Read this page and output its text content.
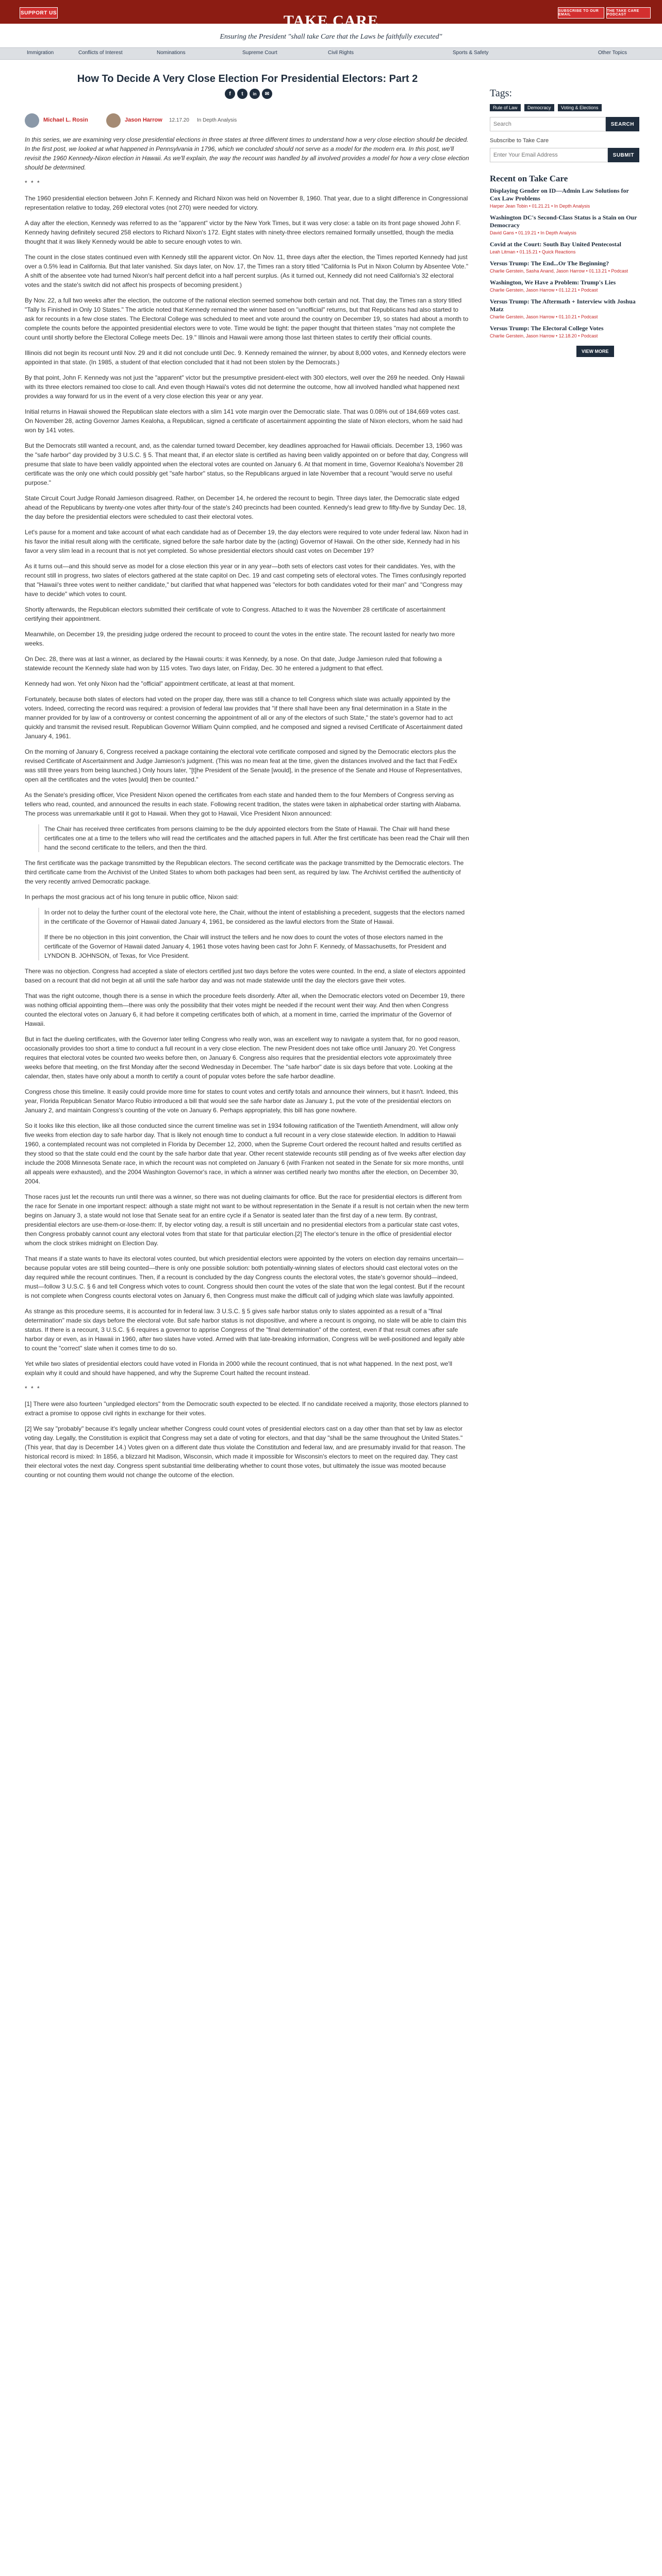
SUPPORT US	SUBSCRIBE TO OUR EMAIL
THE TAKE CARE PODCAST
TAKE CARE
Ensuring the President "shall take Care that the Laws be faithfully executed"
Immigration	Conflicts of Interest	Nominations	Supreme Court	Civil Rights	Sports & Safety	Other Topics
How To Decide A Very Close Election For Presidential Electors: Part 2
f	t	in	✉
Michael L. Rosin	Jason Harrow 12.17.20 In Depth Analysis

In this series, we are examining very close presidential elections in three states at three different times to understand how a very close election should be decided. In the first post, we looked at what happened in Pennsylvania in 1796, which we concluded should not serve as a model for the modern era. In this post, we'll revisit the 1960 Kennedy-Nixon election in Hawaii. As we'll explain, the way the recount was handled by all involved provides a model for how a very close election should be determined.

* * *

The 1960 presidential election between John F. Kennedy and Richard Nixon was held on November 8, 1960. That year, due to a slight difference in Congressional representation relative to today, 269 electoral votes (not 270) were needed for victory.

A day after the election, Kennedy was referred to as the "apparent" victor by the New York Times, but it was very close: a table on its front page showed John F. Kennedy having definitely secured 258 electors to Richard Nixon's 172. Eight states with ninety-three electors remained formally unsettled, though the media thought that it was likely Kennedy would be able to secure enough votes to win.

The count in the close states continued even with Kennedy still the apparent victor. On Nov. 11, three days after the election, the Times reported Kennedy had just over a 0.5% lead in California. But that later vanished. Six days later, on Nov. 17, the Times ran a story titled "California Is Put in Nixon Column by Absentee Vote." A shift of the absentee vote had turned Nixon's half percent deficit into a half percent surplus. (As it turned out, Kennedy did not need California's 32 electoral votes and the state's switch did not affect his prospects of becoming president.)

By Nov. 22, a full two weeks after the election, the outcome of the national election seemed somehow both certain and not. That day, the Times ran a story titled "Tally Is Finished in Only 10 States." The article noted that Kennedy remained the winner based on "unofficial" returns, but that Republicans had also started to ask for recounts in a few close states. The Electoral College was scheduled to meet and vote around the country on December 19, so states had about a month to complete the counts before the appointed presidential electors were to vote. Time would be tight: the paper thought that thirteen states "may not complete the count until shortly before the Electoral College meets Dec. 19." Illinois and Hawaii were among those last thirteen states to certify their official counts.

Illinois did not begin its recount until Nov. 29 and it did not conclude until Dec. 9. Kennedy remained the winner, by about 8,000 votes, and Kennedy electors were appointed in that state. (In 1985, a student of that election concluded that it had not been stolen by the Democrats.)

By that point, John F. Kennedy was not just the "apparent" victor but the presumptive president-elect with 300 electors, well over the 269 he needed. Only Hawaii with its three electors remained too close to call. And even though Hawaii's votes did not determine the outcome, how all involved handled what happened next provides a way forward for us in the event of a very close election this year or any year.

Initial returns in Hawaii showed the Republican slate electors with a slim 141 vote margin over the Democratic slate. That was 0.08% out of 184,669 votes cast. On November 28, acting Governor James Kealoha, a Republican, signed a certificate of ascertainment appointing the slate of Nixon electors, whom he said had won by 141 votes.

But the Democrats still wanted a recount, and, as the calendar turned toward December, key deadlines approached for Hawaii officials. December 13, 1960 was the "safe harbor" day provided by 3 U.S.C. § 5. That meant that, if an elector slate is certified as having been validly appointed on or before that day, Congress will presume that slate to have been validly appointed when the electoral votes are counted on January 6. At that moment in time, Governor Kealoha's November 28 certificate was the only one which could possibly get "safe harbor" status, so the Republicans argued in late November that a recount "would serve no useful purpose."

State Circuit Court Judge Ronald Jamieson disagreed. Rather, on December 14, he ordered the recount to begin. Three days later, the Democratic slate edged ahead of the Republicans by twenty-one votes after thirty-four of the state's 240 precincts had been counted. Kennedy's lead grew to fifty-five by Sunday Dec. 18, the day before the presidential electors were scheduled to cast their electoral votes.

Let's pause for a moment and take account of what each candidate had as of December 19, the day electors were required to vote under federal law. Nixon had in his favor the initial result along with the certificate, signed before the safe harbor date by the (acting) Governor of Hawaii. On the other side, Kennedy had in his favor a very slim lead in a recount that is not yet completed. So whose presidential electors should cast votes on December 19?

As it turns out—and this should serve as model for a close election this year or in any year—both sets of electors cast votes for their candidates. Yes, with the recount still in progress, two slates of electors gathered at the state capitol on Dec. 19 and cast competing sets of electoral votes. The Times confusingly reported that "Hawaii's three votes went to neither candidate," but clarified that what happened was "electors for both candidates voted for their man" and "Congress may have to decide" which votes to count.

Shortly afterwards, the Republican electors submitted their certificate of vote to Congress. Attached to it was the November 28 certificate of ascertainment certifying their appointment.

Meanwhile, on December 19, the presiding judge ordered the recount to proceed to count the votes in the entire state. The recount lasted for nearly two more weeks.

On Dec. 28, there was at last a winner, as declared by the Hawaii courts: it was Kennedy, by a nose. On that date, Judge Jamieson ruled that following a statewide recount the Kennedy slate had won by 115 votes. Two days later, on Friday, Dec. 30 he entered a judgment to that effect.

Kennedy had won. Yet only Nixon had the "official" appointment certificate, at least at that moment.

Fortunately, because both slates of electors had voted on the proper day, there was still a chance to tell Congress which slate was actually appointed by the voters. Indeed, correcting the record was required: a provision of federal law provides that "if there shall have been any final determination in a State in the manner provided for by law of a controversy or contest concerning the appointment of all or any of the electors of such State," the state's governor had to act quickly and transmit the revised result. Republican Governor William Quinn complied, and he composed and signed a revised Certificate of Ascertainment dated January 4, 1961.

On the morning of January 6, Congress received a package containing the electoral vote certificate composed and signed by the Democratic electors plus the revised Certificate of Ascertainment and Judge Jamieson's judgment. (This was no mean feat at the time, given the distances involved and the fact that FedEx was still three years from being launched.) Only hours later, "[t]he President of the Senate [would], in the presence of the Senate and House of Representatives, open all the certificates and the votes [would] then be counted."

As the Senate's presiding officer, Vice President Nixon opened the certificates from each state and handed them to the four Members of Congress serving as tellers who read, counted, and announced the results in each state. Following recent tradition, the states were taken in alphabetical order starting with Alabama. The process was unremarkable until it got to Hawaii. When they got to Hawaii, Vice President Nixon announced:

The Chair has received three certificates from persons claiming to be the duly appointed electors from the State of Hawaii. The Chair will hand these certificates one at a time to the tellers who will read the certificates and the attached papers in full. After the first certificate has been read the Chair will then hand the second certificate to the tellers, and then the third.

The first certificate was the package transmitted by the Republican electors. The second certificate was the package transmitted by the Democratic electors. The third certificate came from the Archivist of the United States to whom both packages had been sent, as required by law. The Archivist certified the authenticity of the very recently arrived Democratic package.

In perhaps the most gracious act of his long tenure in public office, Nixon said:

In order not to delay the further count of the electoral vote here, the Chair, without the intent of establishing a precedent, suggests that the electors named in the certificate of the Governor of Hawaii dated January 4, 1961, be considered as the lawful electors from the State of Hawaii.

If there be no objection in this joint convention, the Chair will instruct the tellers and he now does to count the votes of those electors named in the certificate of the Governor of Hawaii dated January 4, 1961 those votes having been cast for John F. Kennedy, of Massachusetts, for President and LYNDON B. JOHNSON, of Texas, for Vice President.

There was no objection. Congress had accepted a slate of electors certified just two days before the votes were counted. In the end, a slate of electors appointed based on a recount that did not begin at all until the safe harbor day and was not made statewide until the day the electors gave their votes.

That was the right outcome, though there is a sense in which the procedure feels disorderly. After all, when the Democratic electors voted on December 19, there was nothing official appointing them—there was only the possibility that their votes might be needed if the recount went their way. And then when Congress counted the electoral votes on January 6, it had before it competing certificates both of which, at a moment in time, carried the imprimatur of the Governor of Hawaii.

But in fact the dueling certificates, with the Governor later telling Congress who really won, was an excellent way to navigate a system that, for no good reason, occasionally provides too short a time to conduct a full recount in a very close election. The new President does not take office until January 20. Yet Congress requires that electoral votes be counted two weeks before then, on January 6. Congress also requires that the presidential electors vote approximately three weeks before that meeting, on the first Monday after the second Wednesday in December. The "safe harbor" date is six days before that vote. Looking at the calendar, then, states have only about a month to certify a count of popular votes before the safe harbor deadline.

Congress chose this timeline. It easily could provide more time for states to count votes and certify totals and announce their winners, but it hasn't. Indeed, this year, Florida Republican Senator Marco Rubio introduced a bill that would see the safe harbor date as January 1, put the vote of the presidential electors on January 2, and maintain Congress's counting of the vote on January 6. Perhaps appropriately, this bill has gone nowhere.

So it looks like this election, like all those conducted since the current timeline was set in 1934 following ratification of the Twentieth Amendment, will allow only five weeks from election day to safe harbor day. That is likely not enough time to conduct a full recount in a very close statewide election. In addition to Hawaii 1960, a contemplated recount was not completed in Florida by December 12, 2000, when the Supreme Court ordered the recount halted and results certified as they stood so that the state could end the count by the safe harbor date that year. Other recent statewide recounts still pending as of five weeks after election day include the 2008 Minnesota Senate race, in which the recount was not completed on January 6 (with Franken not seated in the Senate for six more months, until all appeals were exhausted), and the 2004 Washington Governor's race, in which a winner was certified nearly two months after the election, on December 30, 2004.

Those races just let the recounts run until there was a winner, so there was not dueling claimants for office. But the race for presidential electors is different from the race for Senate in one important respect: although a state might not want to be without representation in the Senate if a result is not certain when the new term begins on January 3, a state would not lose that Senate seat for an entire cycle if a Senator is seated later than the first day of a new term. By contrast, presidential electors are use-them-or-lose-them: If, by elector voting day, a result is still uncertain and no presidential electors from a particular state cast votes, then Congress probably cannot count any electoral votes from that state for that particular election.[2] The elector's tenure in the office of presidential elector whom the clock strikes midnight on Election Day.

That means if a state wants to have its electoral votes counted, but which presidential electors were appointed by the voters on election day remains uncertain—because popular votes are still being counted—there is only one possible solution: both potentially-winning slates of electors should cast electoral votes on the day required while the recount continues. Then, if a recount is concluded by the day Congress counts the electoral votes, the state's governor should—indeed, must—follow 3 U.S.C. § 6 and tell Congress which votes to count. Congress should then count the votes of the slate that won the legal contest. But if the recount is not complete when Congress counts electoral votes on January 6, then Congress must make the difficult call of judging which slate was lawfully appointed.

As strange as this procedure seems, it is accounted for in federal law. 3 U.S.C. § 5 gives safe harbor status only to slates appointed as a result of a "final determination" made six days before the electoral vote. But safe harbor status is not dispositive, and where a recount is ongoing, no slate will be able to claim this status. If there is a recount, 3 U.S.C. § 6 requires a governor to apprise Congress of the "final determination" of the contest, even if that result comes after safe harbor day or even, as in Hawaii in 1960, after two slates have voted. Armed with that late-breaking information, Congress will be well-positioned and legally able to count the "correct" slate when it comes time to do so.

Yet while two slates of presidential electors could have voted in Florida in 2000 while the recount continued, that is not what happened. In the next post, we'll explain why it could and should have happened, and why the Supreme Court halted the recount instead.

* * *

[1] There were also fourteen "unpledged electors" from the Democratic south expected to be elected. If no candidate received a majority, those electors planned to extract a promise to oppose civil rights in exchange for their votes.

[2] We say "probably" because it's legally unclear whether Congress could count votes of presidential electors cast on a day other than that set by law as elector voting day. Legally, the Constitution is explicit that Congress may set a date of voting for electors, and that day "shall be the same throughout the United States." (This year, that day is December 14.) Votes given on a different date thus violate the Constitution and federal law, and are presumably invalid for that reason. The historical record is mixed: In 1856, a blizzard hit Madison, Wisconsin, which made it impossible for Wisconsin's electors to meet on the required day. They cast their electoral votes the next day. Congress spent substantial time deliberating whether to count those votes, but ultimately the issue was mooted because counting or not counting them would not change the outcome of the election.

Tags:
Rule of Law Democracy Voting & Elections
Search
SEARCH
Subscribe to Take Care
Enter Your Email Address
SUBMIT
Recent on Take Care
Displaying Gender on ID—Admin Law Solutions for Cox Law Problems
Harper Jean Tobin • 01.21.21 • In Depth Analysis
Washington DC's Second-Class Status is a Stain on Our Democracy
David Gans • 01.19.21 • In Depth Analysis
Covid at the Court: South Bay United Pentecostal
Leah Litman • 01.15.21 • Quick Reactions
Versus Trump: The End...Or The Beginning?
Charlie Gerstein, Sasha Anand, Jason Harrow • 01.13.21 • Podcast
Washington, We Have a Problem: Trump's Lies
Charlie Gerstein, Jason Harrow • 01.12.21 • Podcast
Versus Trump: The Aftermath + Interview with Joshua Matz
Charlie Gerstein, Jason Harrow • 01.10.21 • Podcast
Versus Trump: The Electoral College Votes
Charlie Gerstein, Jason Harrow • 12.18.20 • Podcast
VIEW MORE
